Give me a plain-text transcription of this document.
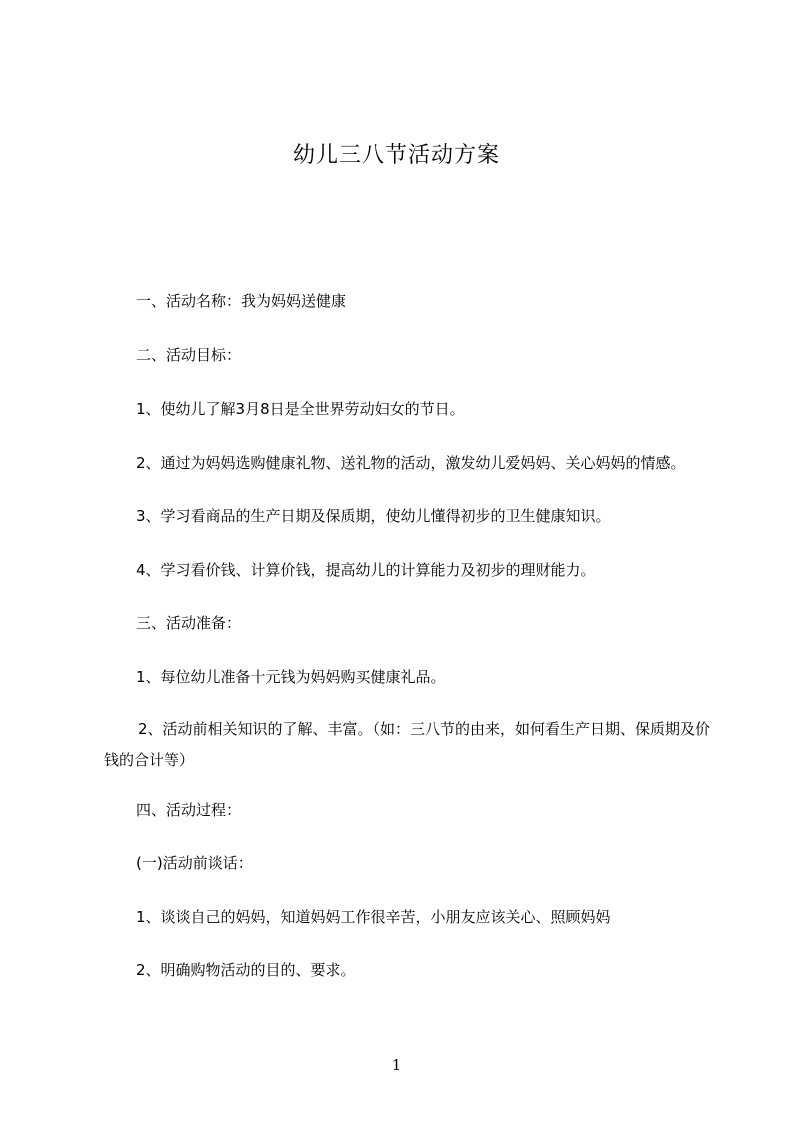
幼儿三八节活动方案
一、活动名称：我为妈妈送健康
二、活动目标：
1、使幼儿了解3月8日是全世界劳动妇女的节日。
2、通过为妈妈选购健康礼物、送礼物的活动，激发幼儿爱妈妈、关心妈妈的情感。
3、学习看商品的生产日期及保质期，使幼儿懂得初步的卫生健康知识。
4、学习看价钱、计算价钱，提高幼儿的计算能力及初步的理财能力。
三、活动准备：
1、每位幼儿准备十元钱为妈妈购买健康礼品。
2、活动前相关知识的了解、丰富。（如：三八节的由来，如何看生产日期、保质期及价钱的合计等）
四、活动过程：
(一)活动前谈话：
1、谈谈自己的妈妈，知道妈妈工作很辛苦，小朋友应该关心、照顾妈妈
2、明确购物活动的目的、要求。
1
